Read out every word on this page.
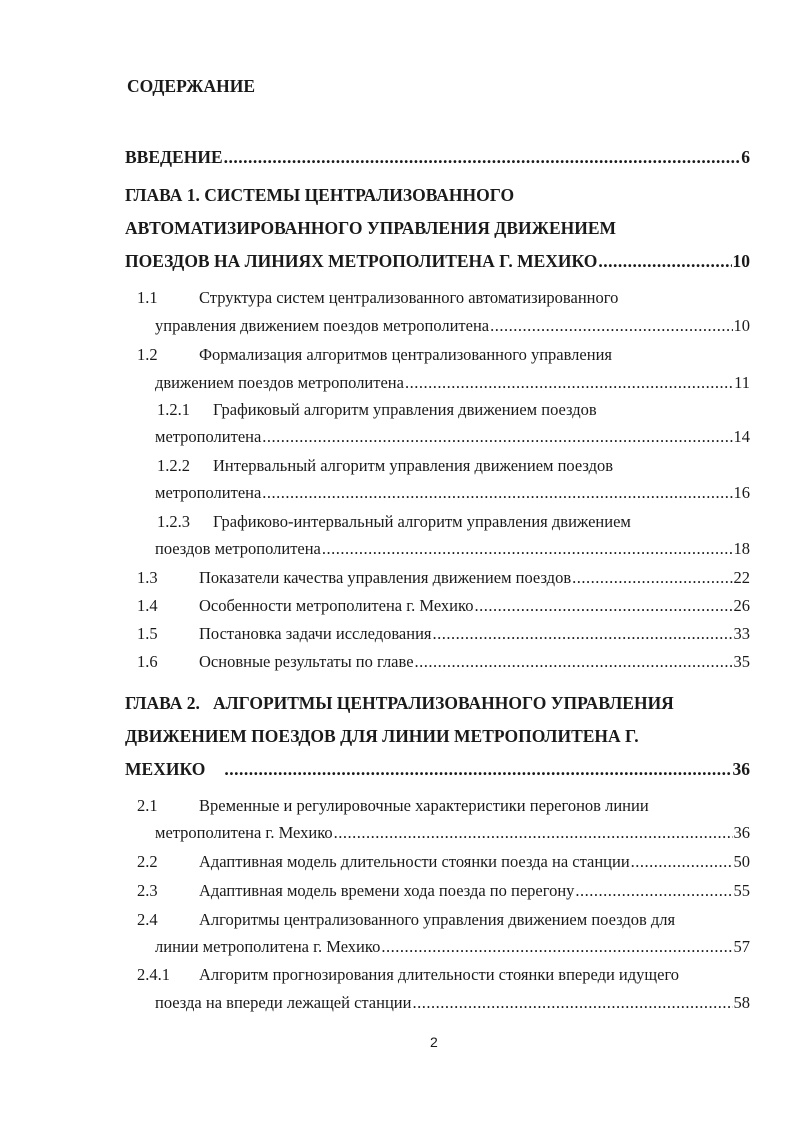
СОДЕРЖАНИЕ
ВВЕДЕНИЕ .....	6
ГЛАВА 1. СИСТЕМЫ ЦЕНТРАЛИЗОВАННОГО
АВТОМАТИЗИРОВАННОГО УПРАВЛЕНИЯ ДВИЖЕНИЕМ
ПОЕЗДОВ НА ЛИНИЯХ МЕТРОПОЛИТЕНА Г. МЕХИКО .....	10
1.1	Структура систем централизованного автоматизированного
управления движением поездов метрополитена .....	10
1.2	Формализация алгоритмов централизованного управления
движением поездов метрополитена .....	11
1.2.1 Графиковый алгоритм управления движением поездов
метрополитена .....	14
1.2.2 Интервальный алгоритм управления движением поездов
метрополитена .....	16
1.2.3 Графиково-интервальный алгоритм управления движением
поездов метрополитена .....	18
1.3	Показатели качества управления движением поездов .....	22
1.4	Особенности метрополитена г. Мехико .....	26
1.5	Постановка задачи исследования .....	33
1.6	Основные результаты по главе .....	35
ГЛАВА 2. АЛГОРИТМЫ ЦЕНТРАЛИЗОВАННОГО УПРАВЛЕНИЯ
ДВИЖЕНИЕМ ПОЕЗДОВ ДЛЯ ЛИНИИ МЕТРОПОЛИТЕНА Г.
МЕХИКО .....	36
2.1	Временные и регулировочные характеристики перегонов линии
метрополитена г. Мехико .....	36
2.2	Адаптивная модель длительности стоянки поезда на станции .....	50
2.3	Адаптивная модель времени хода поезда по перегону .....	55
2.4	Алгоритмы централизованного управления движением поездов для
линии метрополитена г. Мехико .....	57
2.4.1 Алгоритм прогнозирования длительности стоянки впереди идущего
поезда на впереди лежащей станции .....	58
2
